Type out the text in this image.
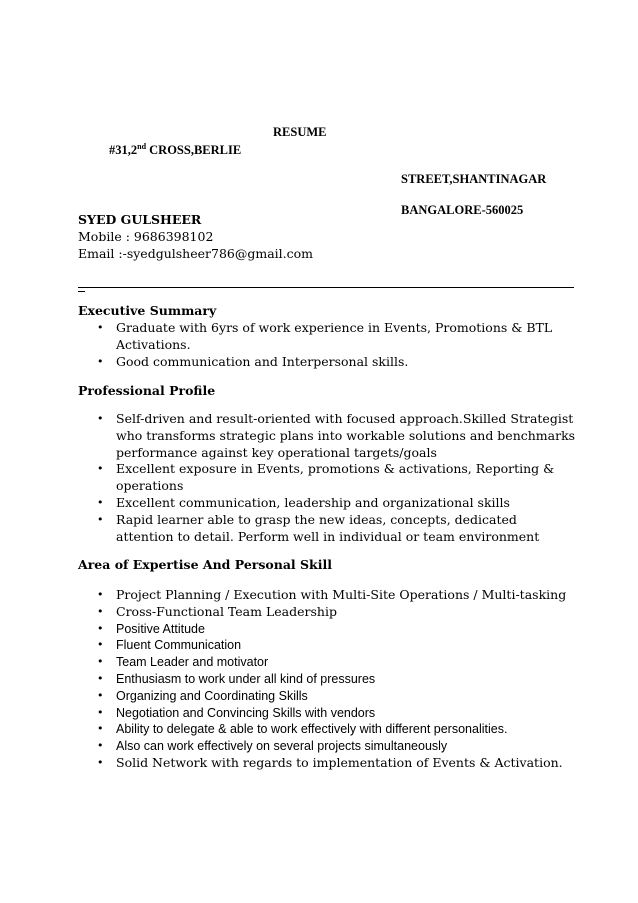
RESUME
#31,2nd CROSS,BERLIE
STREET,SHANTINAGAR
BANGALORE-560025
SYED GULSHEER
Mobile : 9686398102
Email :-syedgulsheer786@gmail.com
Executive Summary
• Graduate with 6yrs of work experience in Events, Promotions & BTL Activations.
• Good communication and Interpersonal skills.
Professional Profile
• Self-driven and result-oriented with focused approach.Skilled Strategist who transforms strategic plans into workable solutions and benchmarks performance against key operational targets/goals
• Excellent exposure in Events, promotions & activations, Reporting & operations
• Excellent communication, leadership and organizational skills
• Rapid learner able to grasp the new ideas, concepts, dedicated attention to detail. Perform well in individual or team environment
Area of Expertise And Personal Skill
• Project Planning / Execution with Multi-Site Operations / Multi-tasking
• Cross-Functional Team Leadership
• Positive Attitude
• Fluent Communication
• Team Leader and motivator
• Enthusiasm to work under all kind of pressures
• Organizing and Coordinating Skills
• Negotiation and Convincing Skills with vendors
• Ability to delegate & able to work effectively with different personalities.
• Also can work effectively on several projects simultaneously
• Solid Network with regards to implementation of Events & Activation.
